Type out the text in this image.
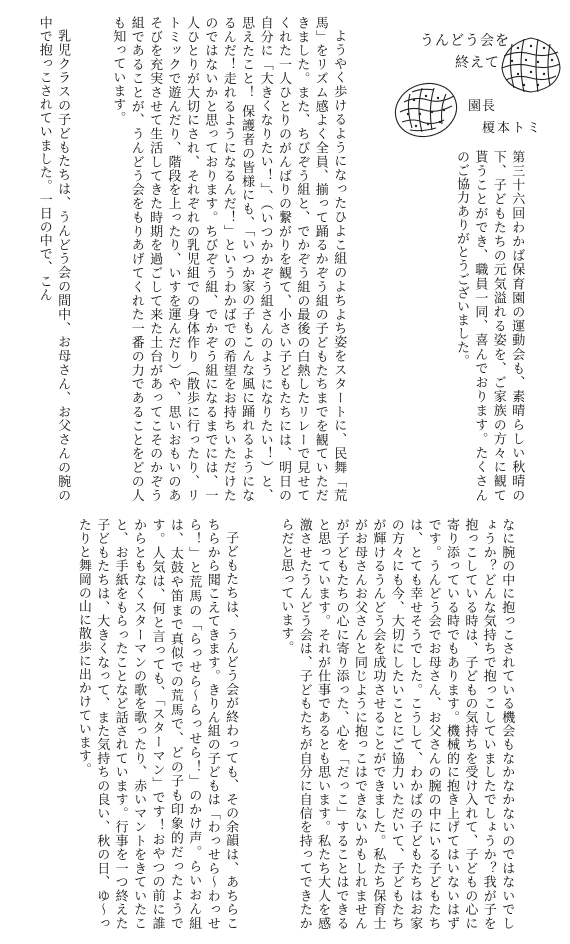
うんどう会を
終えて
園長
榎本トミ

第三十六回わかば保育園の運動会も、素晴らしい秋晴の下、子どもたちの元気溢れる姿を、ご家族の方々に観て貰うことができ、職員一同、喜んでおります。たくさんのご協力ありがとうございました。

ようやく歩けるようになったひよこ組のよちよち姿をスタートに、民舞「荒馬」をリズム感よく全員、揃って踊るかぞう組の子どもたちまでを観ていただきました。また、ちびぞう組と、でかぞう組の最後の白熱したリレーで見せてくれた一人ひとりのがんばりの繋がりを観て、小さい子どもたちには、明日の自分に「大きくなりたい！」、（いつかかぞう組さんのようになりたい！）と、思えたこと！ 保護者の皆様にも、「いつか家の子もこんな風に踊れるようになるんだ！走れるようになるんだ！」というわかばでの希望をお持ちいただけたのではないかと思っております。ちびぞう組、でかぞう組になるまでには、一人ひとりが大切にされ、それぞれの乳児組での身体作り（散歩に行ったり、リトミックで遊んだり、階段を上ったり、いすを運んだり）や、思いおもいのあそびを充実させて生活してきた時期を過ごして来た土台があってこそのかぞう組であることが、うんどう会をもりあげてくれた一番の力であることをどの人も知っています。

乳児クラスの子どもたちは、うんどう会の間中、お母さん、お父さんの腕の中で抱っこされていました。一日の中で、こん

なに腕の中に抱っこされている機会もなかなかないのではないでしょうか？どんな気持ちで抱っこしていましたでしょうか？我が子を抱っこしている時は、子どもの気持ちを受け入れて、子どもの心に寄り添っている時でもあります。機械的に抱き上げてはいないはずです。うんどう会でお母さん、お父さんの腕の中にいる子どもたちは、とても幸せそうでした。こうして、わかばの子どもたちはお家の方々にも今、大切にしたいことにご協力いただいて、子どもたちが輝けるうんどう会を成功させることができました。私たち保育士がお母さんお父さんと同じように抱っこはできないかもしれませんが子どもたちの心に寄り添った、心を「だっこ」することはできると思っています。それが仕事であるとも思います。私たち大人を感激させたうんどう会は、子どもたちが自分に自信を持ってできたからだと思っています。

子どもたちは、うんどう会が終わっても、その余韻は、あちらこちらから聞こえてきます。きりん組の子どもは「わっせら〜わっせら！」と荒馬の「らっせら〜らっせら！」のかけ声。らいおん組は、太鼓や笛まで真似での荒馬で、どの子も印象的だったようです。人気は、何と言っても、「スターマン」です！おやつの前に誰からともなくスターマンの歌を歌ったり、赤いマントをきていたこと、お手紙をもらったことなど話されています。行事を一つ終えた子どもたちは、大きくなって、また気持ちの良い、秋の日、ゆ〜ったりと舞岡の山に散歩に出かけています。
